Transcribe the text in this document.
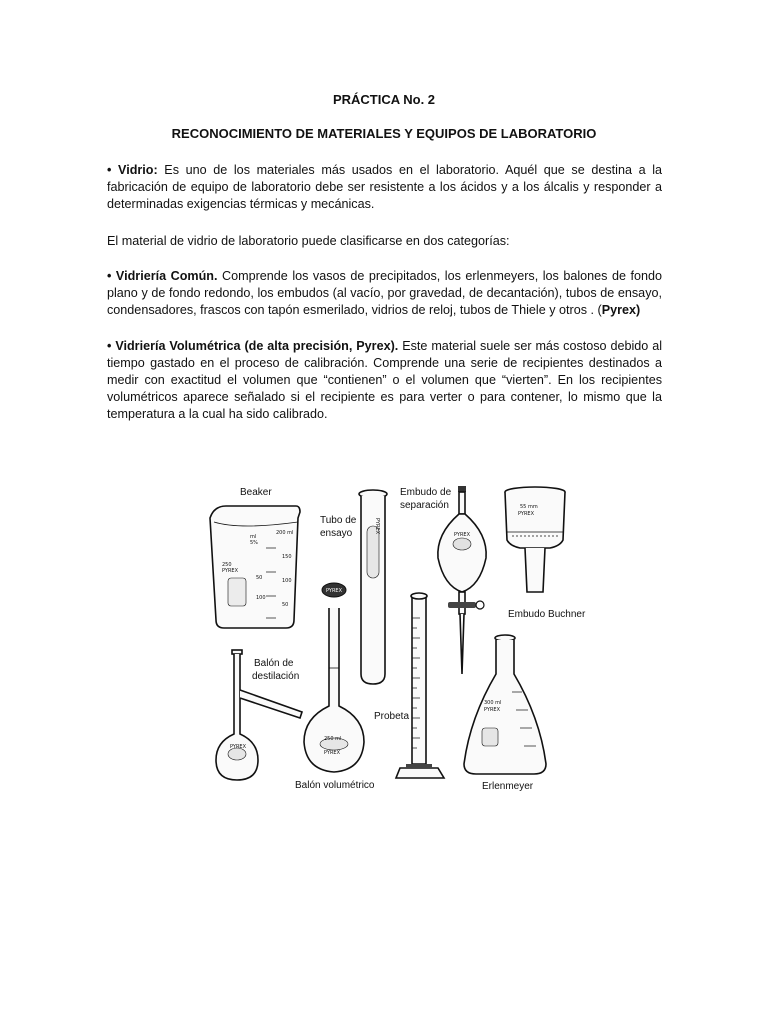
PRÁCTICA No. 2
RECONOCIMIENTO DE MATERIALES Y EQUIPOS DE LABORATORIO

• Vidrio: Es uno de los materiales más usados en el laboratorio. Aquél que se destina a la fabricación de equipo de laboratorio debe ser resistente a los ácidos y a los álcalis y responder a determinadas exigencias térmicas y mecánicas.

El material de vidrio de laboratorio puede clasificarse en dos categorías:

• Vidriería Común. Comprende los vasos de precipitados, los erlenmeyers, los balones de fondo plano y de fondo redondo, los embudos (al vacío, por gravedad, de decantación), tubos de ensayo, condensadores, frascos con tapón esmerilado, vidrios de reloj, tubos de Thiele y otros . (Pyrex)

• Vidriería Volumétrica (de alta precisión, Pyrex). Este material suele ser más costoso debido al tiempo gastado en el proceso de calibración. Comprende una serie de recipientes destinados a medir con exactitud el volumen que “contienen” o el volumen que “vierten”. En los recipientes volumétricos aparece señalado si el recipiente es para verter o para contener, lo mismo que la temperatura a la cual ha sido calibrado.

Beaker
250
PYREX
ml
5%
200 ml
150
100
50
50
100
Tubo de
ensayo	PYREX
Embudo de
separación
PYREX
55 mm
PYREX
Embudo Buchner
Balón de
destilación
PYREX
PYREX
250 ml
PYREX
Balón volumétrico
Probeta
300 ml
PYREX
Erlenmeyer
